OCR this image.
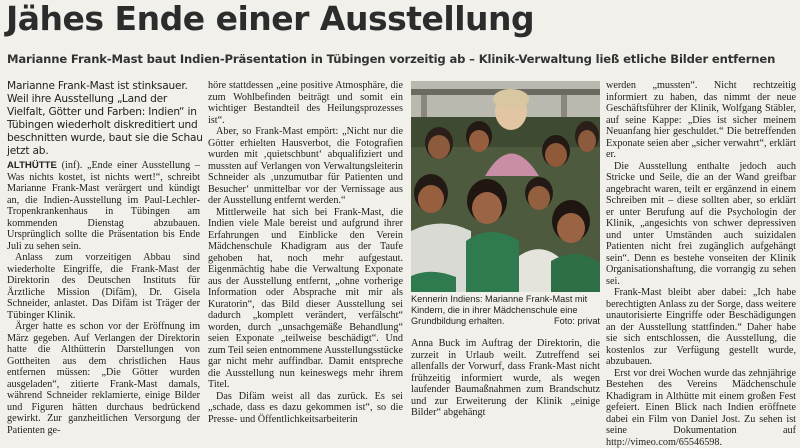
Jähes Ende einer Ausstellung
Marianne Frank-Mast baut Indien-Präsentation in Tübingen vorzeitig ab – Klinik-Verwaltung ließ etliche Bilder entfernen
Marianne Frank-Mast ist stinksauer. Weil ihre Ausstellung „Land der Vielfalt, Götter und Farben: Indien“ in Tübingen wiederholt diskreditiert und beschnitten wurde, baut sie die Schau jetzt ab.

ALTHÜTTE (inf). „Ende einer Ausstellung – Was nichts kostet, ist nichts wert!“, schreibt Marianne Frank-Mast verärgert und kündigt an, die Indien-Ausstellung im Paul-Lechler-Tropenkrankenhaus in Tübingen am kommenden Dienstag abzubauen. Ursprünglich sollte die Präsentation bis Ende Juli zu sehen sein.

Anlass zum vorzeitigen Abbau sind wiederholte Eingriffe, die Frank-Mast der Direktorin des Deutschen Instituts für Ärztliche Mission (Difäm), Dr. Gisela Schneider, anlastet. Das Difäm ist Träger der Tübinger Klinik.

Ärger hatte es schon vor der Eröffnung im März gegeben. Auf Verlangen der Direktorin hatte die Althütterin Darstellungen von Gottheiten aus dem christlichen Haus entfernen müssen: „Die Götter wurden ausgeladen“, zitierte Frank-Mast damals, während Schneider reklamierte, einige Bilder und Figuren hätten durchaus bedrückend gewirkt. Zur ganzheitlichen Versorgung der Patienten ge-

höre stattdessen „eine positive Atmosphäre, die zum Wohlbefinden beiträgt und somit ein wichtiger Bestandteil des Heilungsprozesses ist“.

Aber, so Frank-Mast empört: „Nicht nur die Götter erhielten Hausverbot, die Fotografien wurden mit ‚quietschbunt‘ abqualifiziert und mussten auf Verlangen von Verwaltungsleiterin Schneider als ‚unzumutbar für Patienten und Besucher‘ unmittelbar vor der Vernissage aus der Ausstellung entfernt werden.“

Mittlerweile hat sich bei Frank-Mast, die Indien viele Male bereist und aufgrund ihrer Erfahrungen und Einblicke den Verein Mädchenschule Khadigram aus der Taufe gehoben hat, noch mehr aufgestaut. Eigenmächtig habe die Verwaltung Exponate aus der Ausstellung entfernt, „ohne vorherige Information oder Absprache mit mir als Kuratorin“, das Bild dieser Ausstellung sei dadurch „komplett verändert, verfälscht“ worden, durch „unsachgemäße Behandlung“ seien Exponate „teilweise beschädigt“. Und zum Teil seien entnommene Ausstellungsstücke gar nicht mehr auffindbar. Damit entspreche die Ausstellung nun keineswegs mehr ihrem Titel.

Das Difäm weist all das zurück. Es sei „schade, dass es dazu gekommen ist“, so die Presse- und Öffentlichkeitsarbeiterin

Kennerin Indiens: Marianne Frank-Mast mit Kindern, die in ihrer Mädchenschule eine Grundbildung erhalten.	Foto: privat

Anna Buck im Auftrag der Direktorin, die zurzeit in Urlaub weilt. Zutreffend sei allenfalls der Vorwurf, dass Frank-Mast nicht frühzeitig informiert wurde, als wegen laufender Baumaßnahmen zum Brandschutz und zur Erweiterung der Klinik „einige Bilder“ abgehängt

werden „mussten“. Nicht rechtzeitig informiert zu haben, das nimmt der neue Geschäftsführer der Klinik, Wolfgang Stäbler, auf seine Kappe: „Dies ist sicher meinem Neuanfang hier geschuldet.“ Die betreffenden Exponate seien aber „sicher verwahrt“, erklärt er.

Die Ausstellung enthalte jedoch auch Stricke und Seile, die an der Wand greifbar angebracht waren, teilt er ergänzend in einem Schreiben mit – diese sollten aber, so erklärt er unter Berufung auf die Psychologin der Klinik, „angesichts von schwer depressiven und unter Umständen auch suizidalen Patienten nicht frei zugänglich aufgehängt sein“. Denn es bestehe vonseiten der Klinik Organisationshaftung, die vorrangig zu sehen sei.

Frank-Mast bleibt aber dabei: „Ich habe berechtigten Anlass zu der Sorge, dass weitere unautorisierte Eingriffe oder Beschädigungen an der Ausstellung stattfinden.“ Daher habe sie sich entschlossen, die Ausstellung, die kostenlos zur Verfügung gestellt wurde, abzubauen.

Erst vor drei Wochen wurde das zehnjährige Bestehen des Vereins Mädchenschule Khadigram in Althütte mit einem großen Fest gefeiert. Einen Blick nach Indien eröffnete dabei ein Film von Daniel Jost. Zu sehen ist seine Dokumentation auf http://vimeo.com/65546598.
